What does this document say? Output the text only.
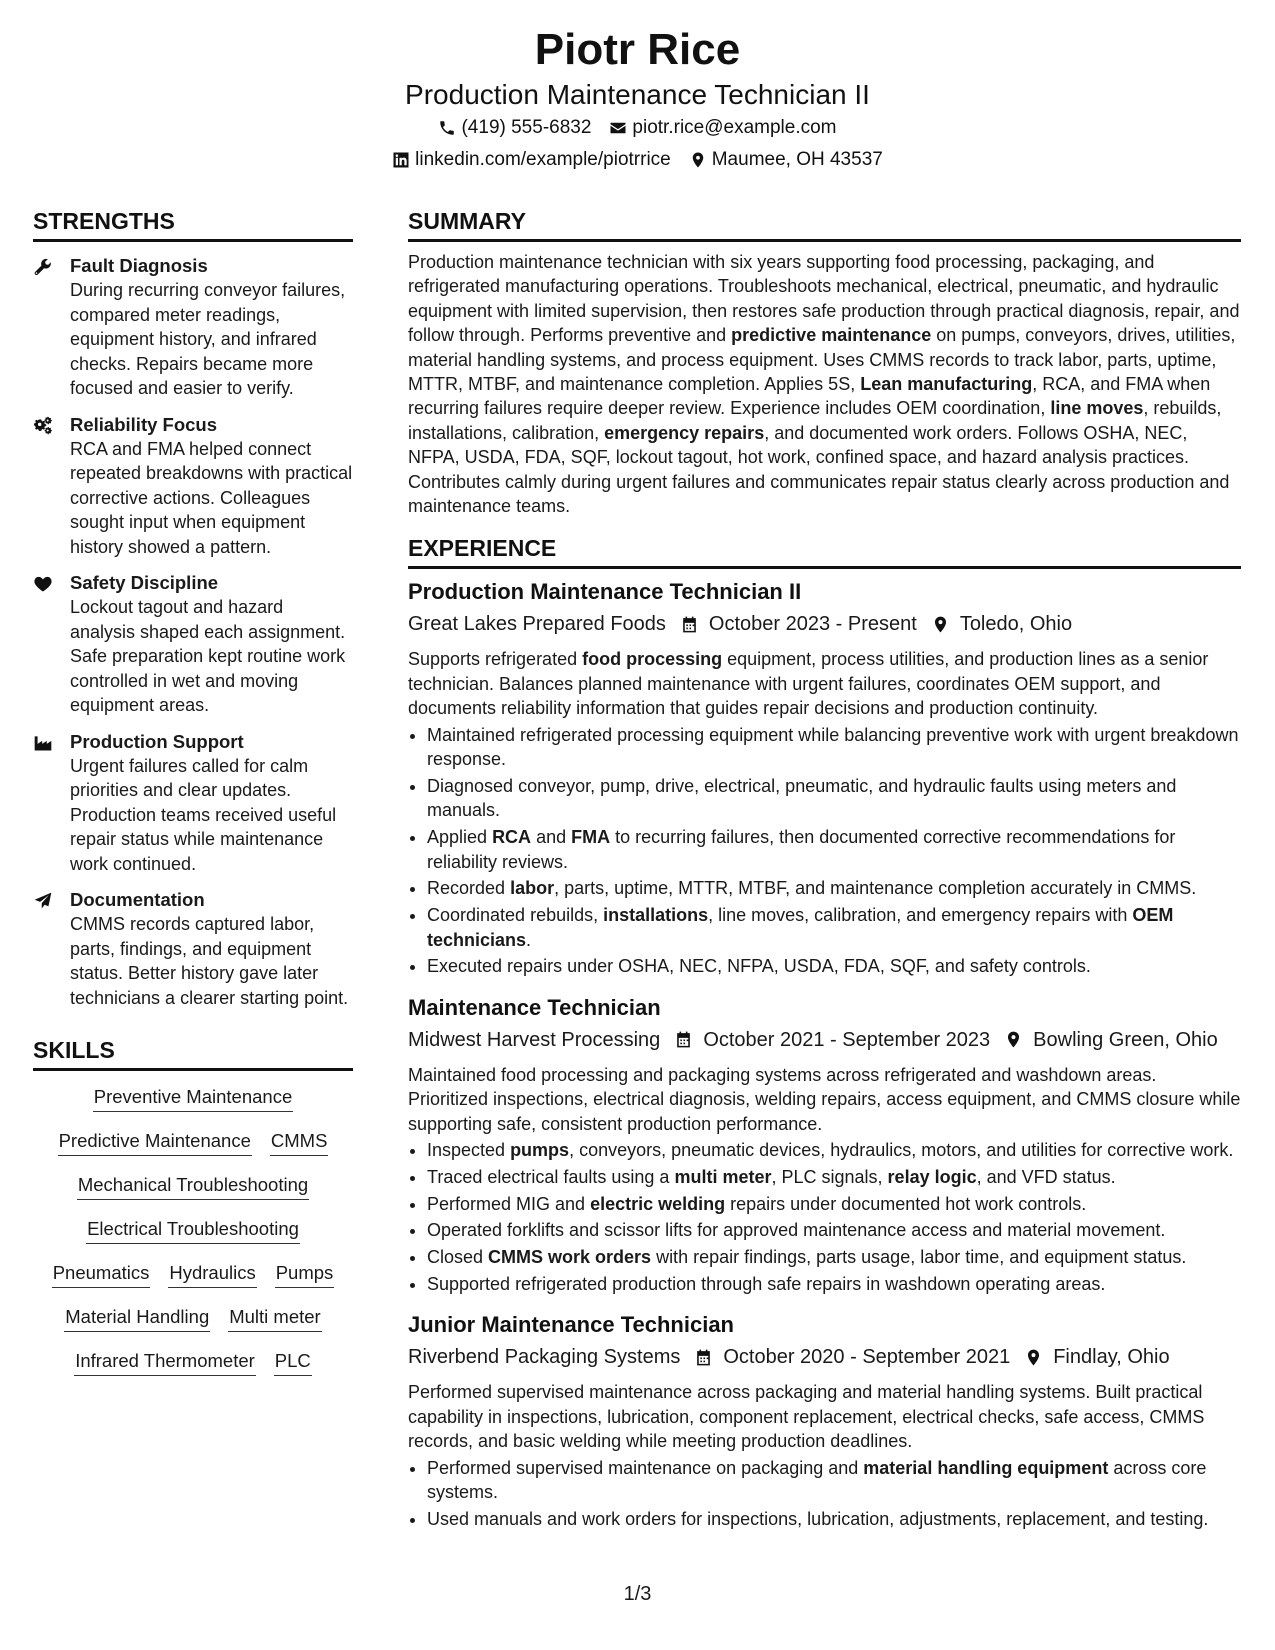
Piotr Rice
Production Maintenance Technician II
(419) 555-6832 piotr.rice@example.com
linkedin.com/example/piotrrice Maumee, OH 43537
STRENGTHS
Fault Diagnosis
During recurring conveyor failures, compared meter readings, equipment history, and infrared checks. Repairs became more focused and easier to verify.
Reliability Focus
RCA and FMA helped connect repeated breakdowns with practical corrective actions. Colleagues sought input when equipment history showed a pattern.
Safety Discipline
Lockout tagout and hazard analysis shaped each assignment. Safe preparation kept routine work controlled in wet and moving equipment areas.
Production Support
Urgent failures called for calm priorities and clear updates. Production teams received useful repair status while maintenance work continued.
Documentation
CMMS records captured labor, parts, findings, and equipment status. Better history gave later technicians a clearer starting point.
SKILLS
Preventive Maintenance
Predictive Maintenance CMMS
Mechanical Troubleshooting
Electrical Troubleshooting
Pneumatics Hydraulics Pumps
Material Handling Multi meter
Infrared Thermometer PLC
SUMMARY
Production maintenance technician with six years supporting food processing, packaging, and refrigerated manufacturing operations. Troubleshoots mechanical, electrical, pneumatic, and hydraulic equipment with limited supervision, then restores safe production through practical diagnosis, repair, and follow through. Performs preventive and predictive maintenance on pumps, conveyors, drives, utilities, material handling systems, and process equipment. Uses CMMS records to track labor, parts, uptime, MTTR, MTBF, and maintenance completion. Applies 5S, Lean manufacturing, RCA, and FMA when recurring failures require deeper review. Experience includes OEM coordination, line moves, rebuilds, installations, calibration, emergency repairs, and documented work orders. Follows OSHA, NEC, NFPA, USDA, FDA, SQF, lockout tagout, hot work, confined space, and hazard analysis practices. Contributes calmly during urgent failures and communicates repair status clearly across production and maintenance teams.
EXPERIENCE
Production Maintenance Technician II
Great Lakes Prepared Foods October 2023 - Present Toledo, Ohio
Supports refrigerated food processing equipment, process utilities, and production lines as a senior technician. Balances planned maintenance with urgent failures, coordinates OEM support, and documents reliability information that guides repair decisions and production continuity.
• Maintained refrigerated processing equipment while balancing preventive work with urgent breakdown response.
• Diagnosed conveyor, pump, drive, electrical, pneumatic, and hydraulic faults using meters and manuals.
• Applied RCA and FMA to recurring failures, then documented corrective recommendations for reliability reviews.
• Recorded labor, parts, uptime, MTTR, MTBF, and maintenance completion accurately in CMMS.
• Coordinated rebuilds, installations, line moves, calibration, and emergency repairs with OEM technicians.
• Executed repairs under OSHA, NEC, NFPA, USDA, FDA, SQF, and safety controls.
Maintenance Technician
Midwest Harvest Processing October 2021 - September 2023 Bowling Green, Ohio
Maintained food processing and packaging systems across refrigerated and washdown areas. Prioritized inspections, electrical diagnosis, welding repairs, access equipment, and CMMS closure while supporting safe, consistent production performance.
• Inspected pumps, conveyors, pneumatic devices, hydraulics, motors, and utilities for corrective work.
• Traced electrical faults using a multi meter, PLC signals, relay logic, and VFD status.
• Performed MIG and electric welding repairs under documented hot work controls.
• Operated forklifts and scissor lifts for approved maintenance access and material movement.
• Closed CMMS work orders with repair findings, parts usage, labor time, and equipment status.
• Supported refrigerated production through safe repairs in washdown operating areas.
Junior Maintenance Technician
Riverbend Packaging Systems October 2020 - September 2021 Findlay, Ohio
Performed supervised maintenance across packaging and material handling systems. Built practical capability in inspections, lubrication, component replacement, electrical checks, safe access, CMMS records, and basic welding while meeting production deadlines.
• Performed supervised maintenance on packaging and material handling equipment across core systems.
• Used manuals and work orders for inspections, lubrication, adjustments, replacement, and testing.
1/3
